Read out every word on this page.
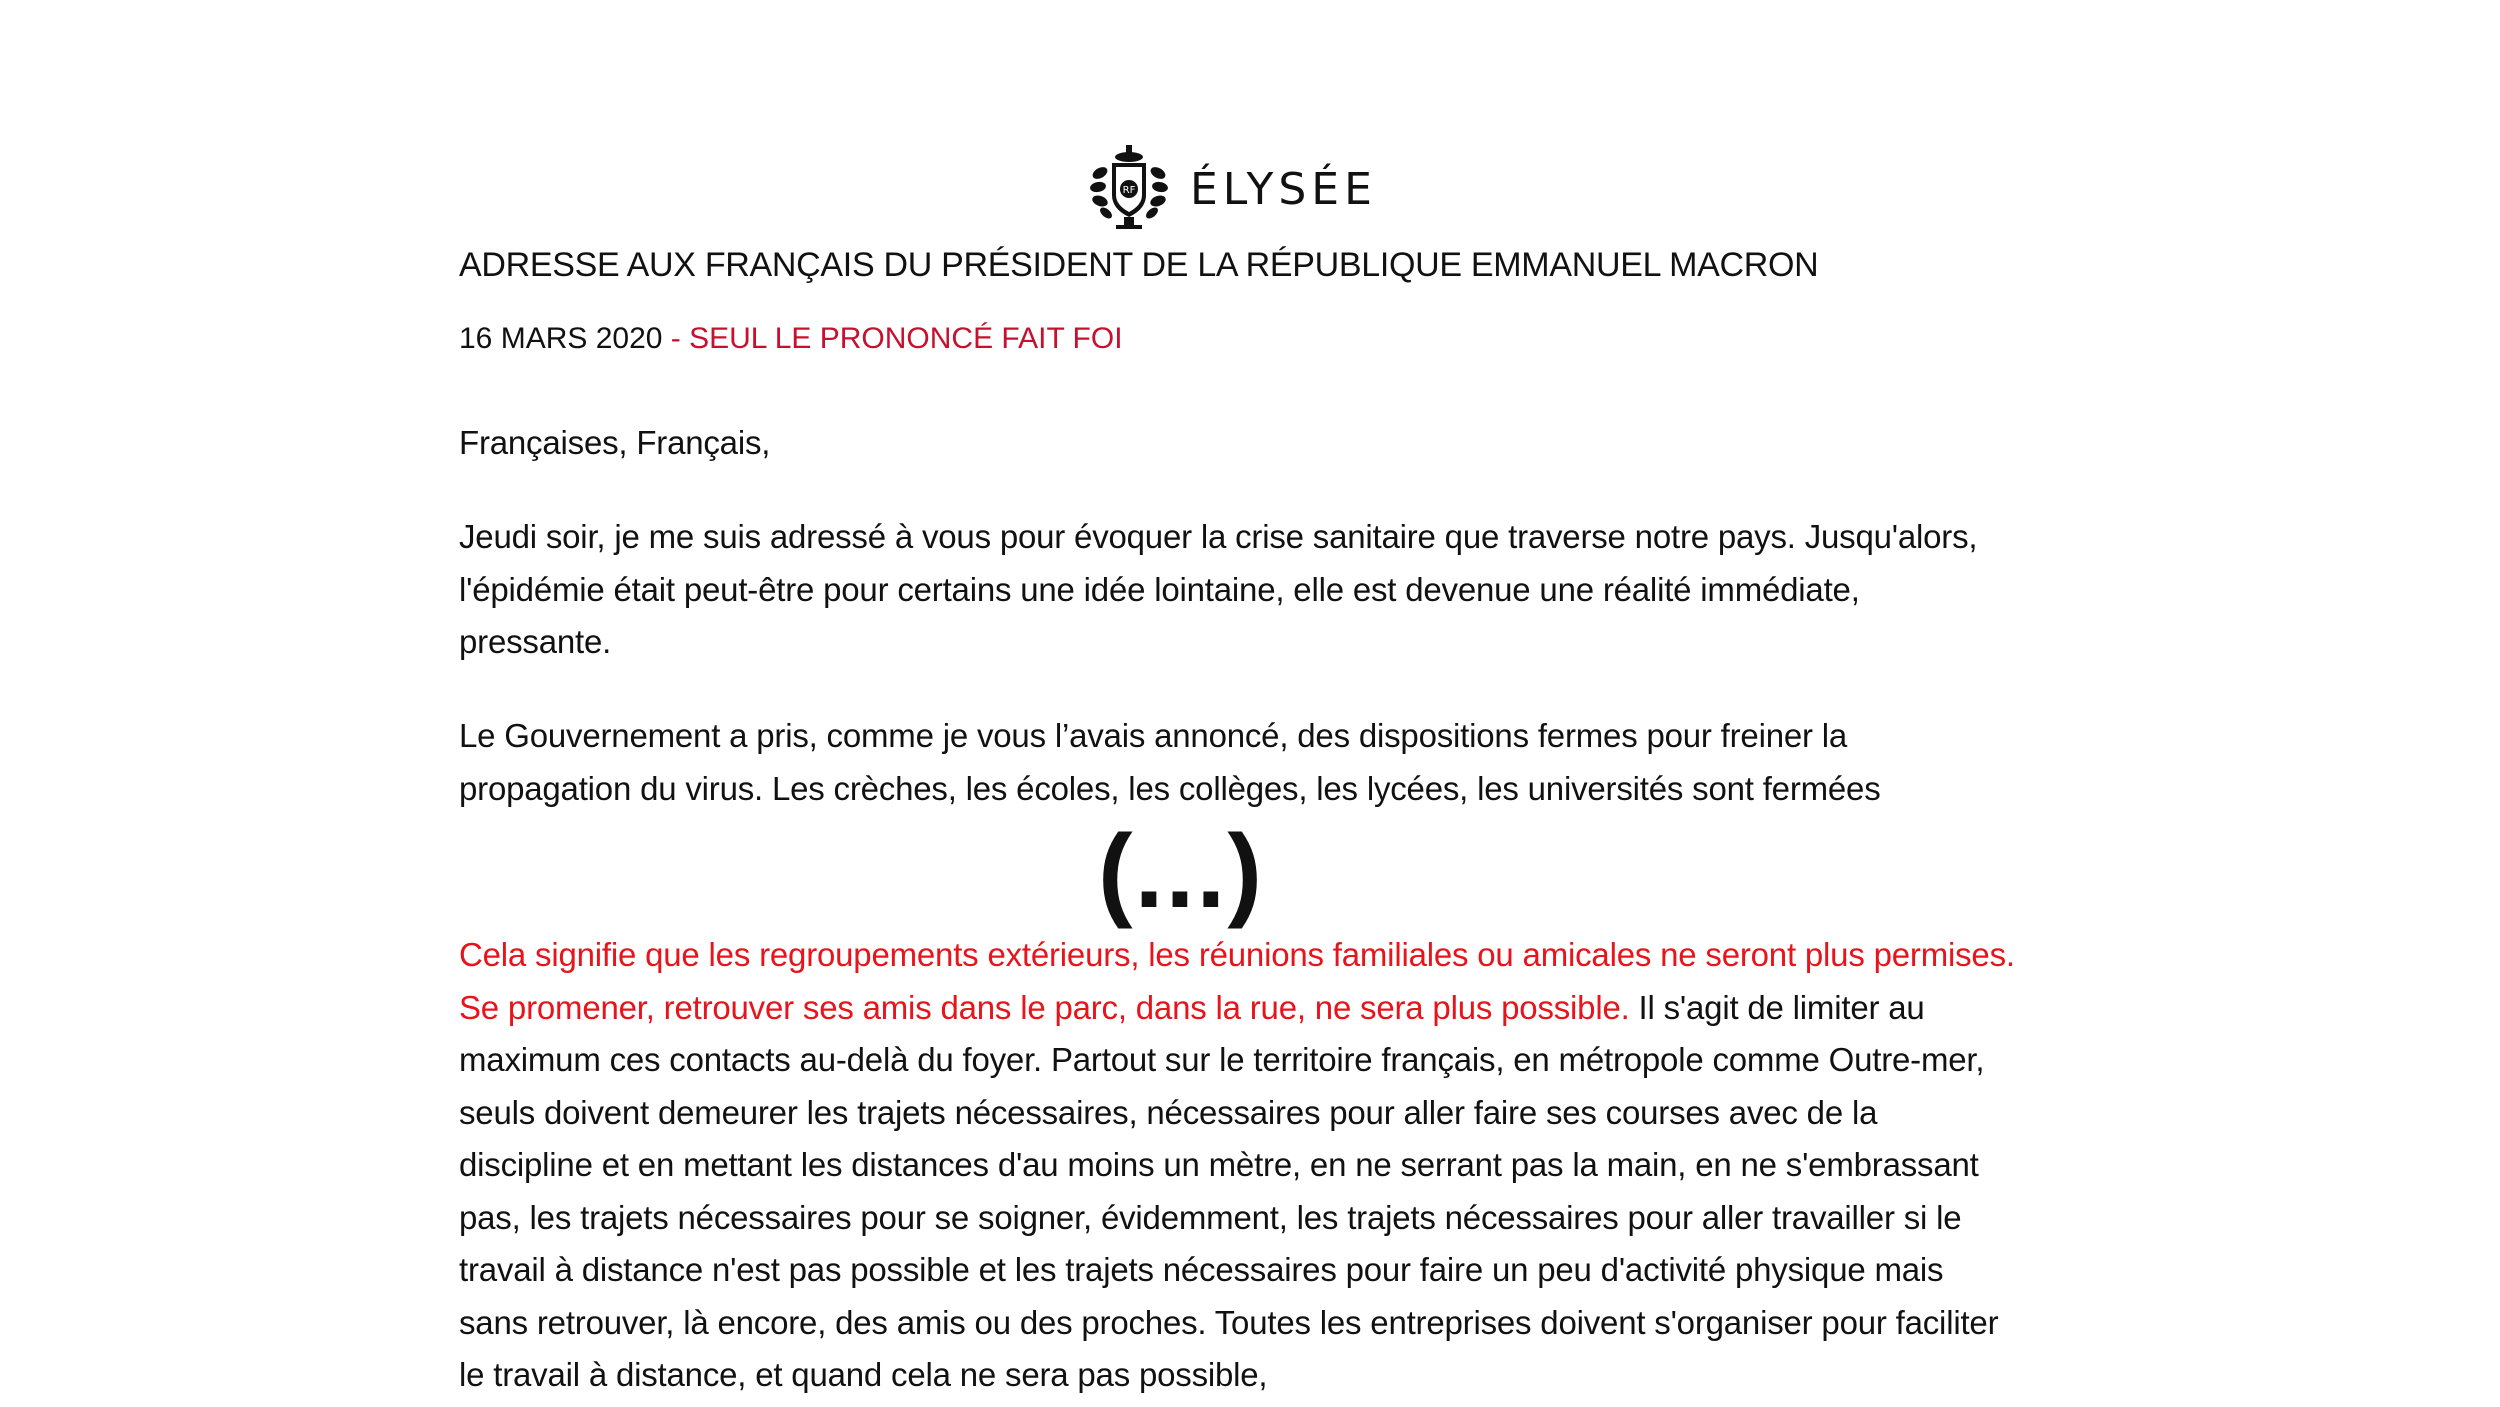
RF ÉLYSÉE
ADRESSE AUX FRANÇAIS DU PRÉSIDENT DE LA RÉPUBLIQUE EMMANUEL MACRON
16 MARS 2020 - SEUL LE PRONONCÉ FAIT FOI
Françaises, Français,
Jeudi soir, je me suis adressé à vous pour évoquer la crise sanitaire que traverse notre pays. Jusqu'alors, l'épidémie était peut-être pour certains une idée lointaine, elle est devenue une réalité immédiate, pressante.
Le Gouvernement a pris, comme je vous l’avais annoncé, des dispositions fermes pour freiner la propagation du virus. Les crèches, les écoles, les collèges, les lycées, les universités sont fermées
(...)
Cela signifie que les regroupements extérieurs, les réunions familiales ou amicales ne seront plus permises. Se promener, retrouver ses amis dans le parc, dans la rue, ne sera plus possible. Il s'agit de limiter au maximum ces contacts au-delà du foyer. Partout sur le territoire français, en métropole comme Outre-mer, seuls doivent demeurer les trajets nécessaires, nécessaires pour aller faire ses courses avec de la discipline et en mettant les distances d'au moins un mètre, en ne serrant pas la main, en ne s'embrassant pas, les trajets nécessaires pour se soigner, évidemment, les trajets nécessaires pour aller travailler si le travail à distance n'est pas possible et les trajets nécessaires pour faire un peu d'activité physique mais sans retrouver, là encore, des amis ou des proches. Toutes les entreprises doivent s'organiser pour faciliter le travail à distance, et quand cela ne sera pas possible,
